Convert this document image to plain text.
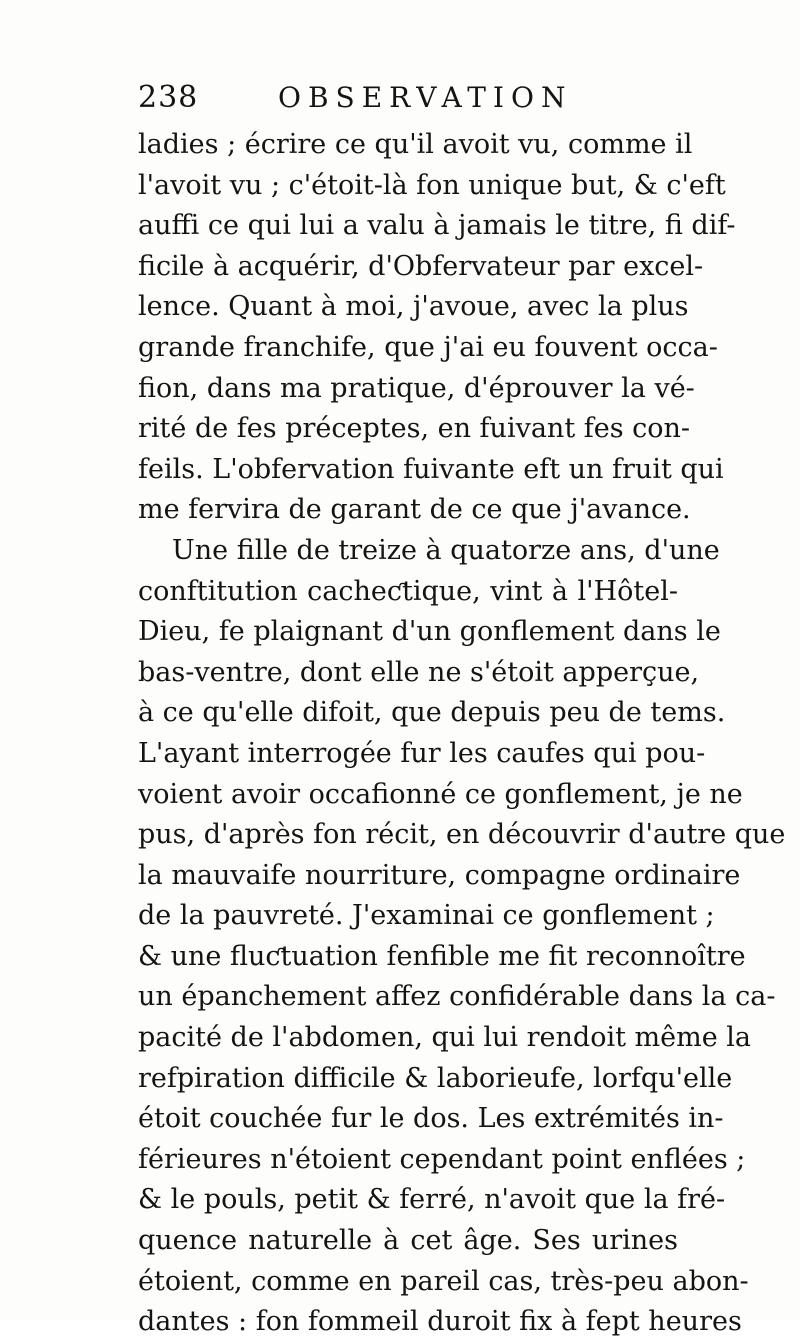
238	OBSERVATION
ladies ; écrire ce qu'il avoit vu, comme il
l'avoit vu ; c'étoit-là fon unique but, & c'eft
auffi ce qui lui a valu à jamais le titre, fi dif-
ficile à acquérir, d'Obfervateur par excel-
lence. Quant à moi, j'avoue, avec la plus
grande franchife, que j'ai eu fouvent occa-
fion, dans ma pratique, d'éprouver la vé-
rité de fes préceptes, en fuivant fes con-
feils. L'obfervation fuivante eft un fruit qui
me fervira de garant de ce que j'avance.
Une fille de treize à quatorze ans, d'une
conftitution cacheƈtique, vint à l'Hôtel-
Dieu, fe plaignant d'un gonflement dans le
bas-ventre, dont elle ne s'étoit apperçue,
à ce qu'elle difoit, que depuis peu de tems.
L'ayant interrogée fur les caufes qui pou-
voient avoir occafionné ce gonflement, je ne
pus, d'après fon récit, en découvrir d'autre que
la mauvaife nourriture, compagne ordinaire
de la pauvreté. J'examinai ce gonflement ;
& une fluƈtuation fenfible me fit reconnoître
un épanchement affez confidérable dans la ca-
pacité de l'abdomen, qui lui rendoit même la
refpiration difficile & laborieufe, lorfqu'elle
étoit couchée fur le dos. Les extrémités in-
férieures n'étoient cependant point enflées ;
& le pouls, petit & ferré, n'avoit que la fré-
quence naturelle à cet âge. Ses urines
étoient, comme en pareil cas, très-peu abon-
dantes : fon fommeil duroit fix à fept heures
